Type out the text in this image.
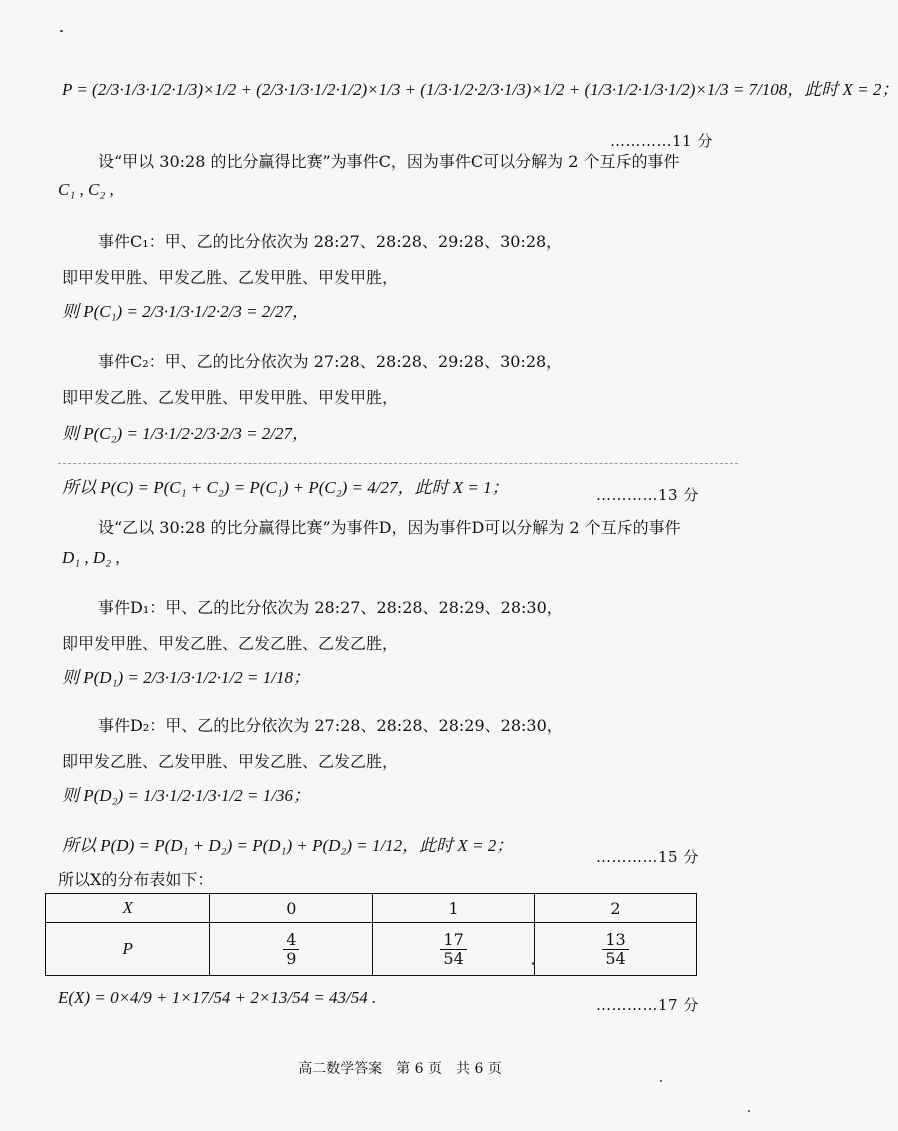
P = (2/3·1/3·1/2·1/3)×1/2 + (2/3·1/3·1/2·1/2)×1/3 + (1/3·1/2·2/3·1/3)×1/2 + (1/3·1/2·1/3·1/2)×1/3 = 7/108，此时 X = 2；
…………11 分
设“甲以 30:28 的比分赢得比赛”为事件C，因为事件C可以分解为 2 个互斥的事件
C₁ , C₂ ,
事件C₁：甲、乙的比分依次为 28:27、28:28、29:28、30:28，
即甲发甲胜、甲发乙胜、乙发甲胜、甲发甲胜，
则 P(C₁) = 2/3·1/3·1/2·2/3 = 2/27，
事件C₂：甲、乙的比分依次为 27:28、28:28、29:28、30:28，
即甲发乙胜、乙发甲胜、甲发甲胜、甲发甲胜，
则 P(C₂) = 1/3·1/2·2/3·2/3 = 2/27，
所以 P(C) = P(C₁ + C₂) = P(C₁) + P(C₂) = 4/27，此时 X = 1；	…………13 分
设“乙以 30:28 的比分赢得比赛”为事件D，因为事件D可以分解为 2 个互斥的事件
D₁ , D₂ ,
事件D₁：甲、乙的比分依次为 28:27、28:28、28:29、28:30，
即甲发甲胜、甲发乙胜、乙发乙胜、乙发乙胜，
则 P(D₁) = 2/3·1/3·1/2·1/2 = 1/18；
事件D₂：甲、乙的比分依次为 27:28、28:28、28:29、28:30，
即甲发乙胜、乙发甲胜、甲发乙胜、乙发乙胜，
则 P(D₂) = 1/3·1/2·1/3·1/2 = 1/36；
所以 P(D) = P(D₁ + D₂) = P(D₁) + P(D₂) = 1/12，此时 X = 2；
…………15 分
所以X的分布表如下：
X	0	1	2
P	$\frac{4}{9}$	$\frac{17}{54}$	$\frac{13}{54}$
E(X) = 0×4/9 + 1×17/54 + 2×13/54 = 43/54 .	…………17 分
高二数学答案　第 6 页　共 6 页
